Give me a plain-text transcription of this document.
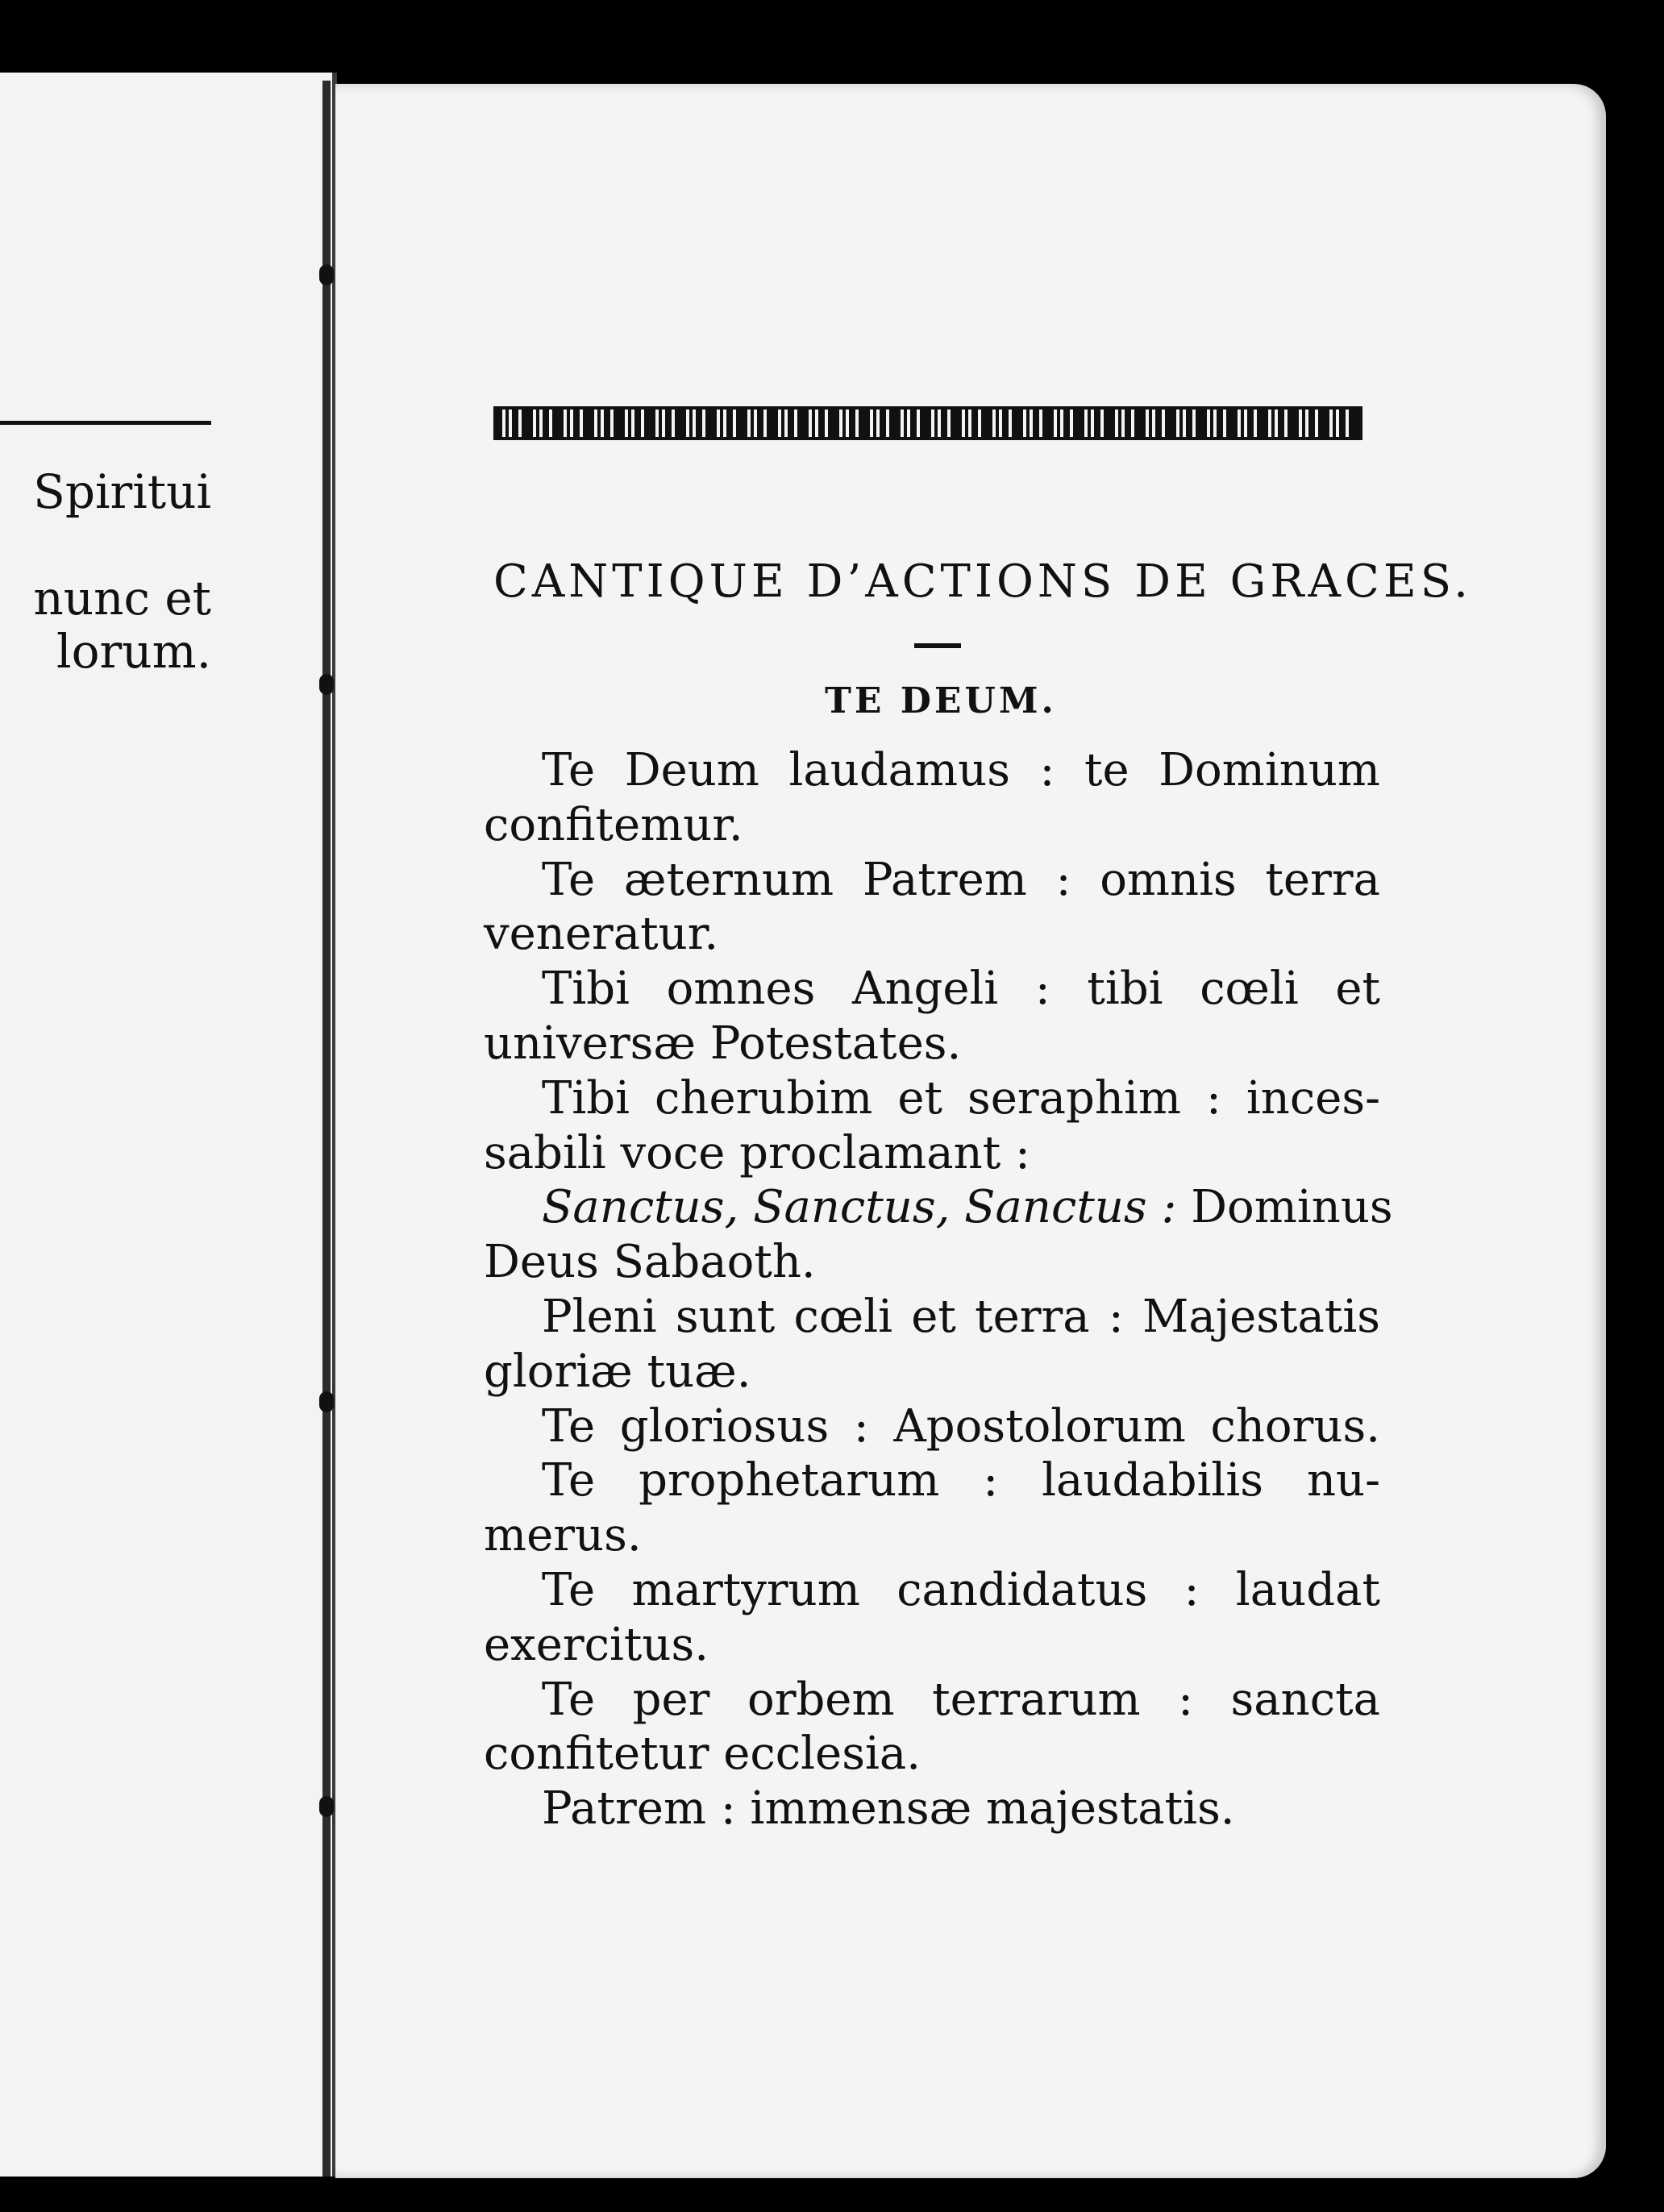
Spiritui
nunc et
lorum.
CANTIQUE D’ACTIONS DE GRACES.
TE DEUM.
Te Deum laudamus : te Dominum
confitemur.
Te æternum Patrem : omnis terra
veneratur.
Tibi omnes Angeli : tibi cœli et
universæ Potestates.
Tibi cherubim et seraphim : inces-
sabili voce proclamant :
Sanctus, Sanctus, Sanctus : Dominus
Deus Sabaoth.
Pleni sunt cœli et terra : Majestatis
gloriæ tuæ.
Te gloriosus : Apostolorum chorus.
Te prophetarum : laudabilis nu-
merus.
Te martyrum candidatus : laudat
exercitus.
Te per orbem terrarum : sancta
confitetur ecclesia.
Patrem : immensæ majestatis.
